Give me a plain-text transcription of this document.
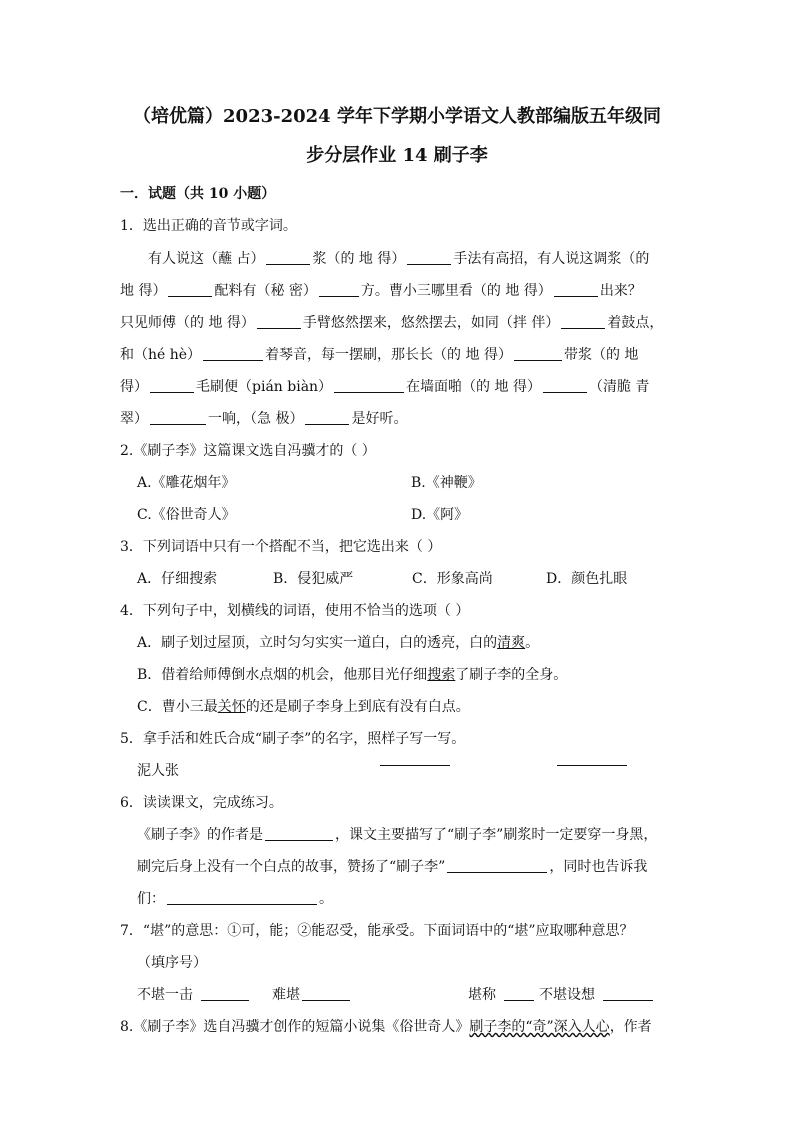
（培优篇）2023-2024 学年下学期小学语文人教部编版五年级同
步分层作业 14 刷子李
一．试题（共 10 小题）
1．选出正确的音节或字词。
有人说这（蘸 占）	浆（的 地 得）	手法有高招，有人说这调浆（的
地 得）	配料有（秘 密）	方。曹小三哪里看（的 地 得）	出来？
只见师傅（的 地 得）	手臂悠然摆来，悠然摆去，如同（拌 伴）	着鼓点，
和（hé hè）	着琴音，每一摆刷，那长长（的 地 得）	带浆（的 地
得）	毛刷便（pián biàn）	在墙面啪（的 地 得）	（清脆 青
翠）	一响，（急 极）	是好听。
2.《刷子李》这篇课文选自冯骥才的（ ）
A.《雕花烟年》	B.《神鞭》
C.《俗世奇人》	D.《阿》
3．下列词语中只有一个搭配不当，把它选出来（ ）
A．仔细搜索	B．侵犯威严	C．形象高尚	D．颜色扎眼
4．下列句子中，划横线的词语，使用不恰当的选项（ ）
A．刷子划过屋顶，立时匀匀实实一道白，白的透亮，白的清爽。
B．借着给师傅倒水点烟的机会，他那目光仔细搜索了刷子李的全身。
C．曹小三最关怀的还是刷子李身上到底有没有白点。
5．拿手活和姓氏合成“刷子李”的名字，照样子写一写。
泥人张
6．读读课文，完成练习。
《刷子李》的作者是	，课文主要描写了“刷子李”刷浆时一定要穿一身黑，
刷完后身上没有一个白点的故事，赞扬了“刷子李”	，同时也告诉我
们：	。
7．“堪”的意思：①可，能；②能忍受，能承受。下面词语中的“堪”应取哪种意思？
（填序号）
不堪一击	难堪	堪称	不堪设想
8.《刷子李》选自冯骥才创作的短篇小说集《俗世奇人》刷子李的“奇”深入人心，作者
